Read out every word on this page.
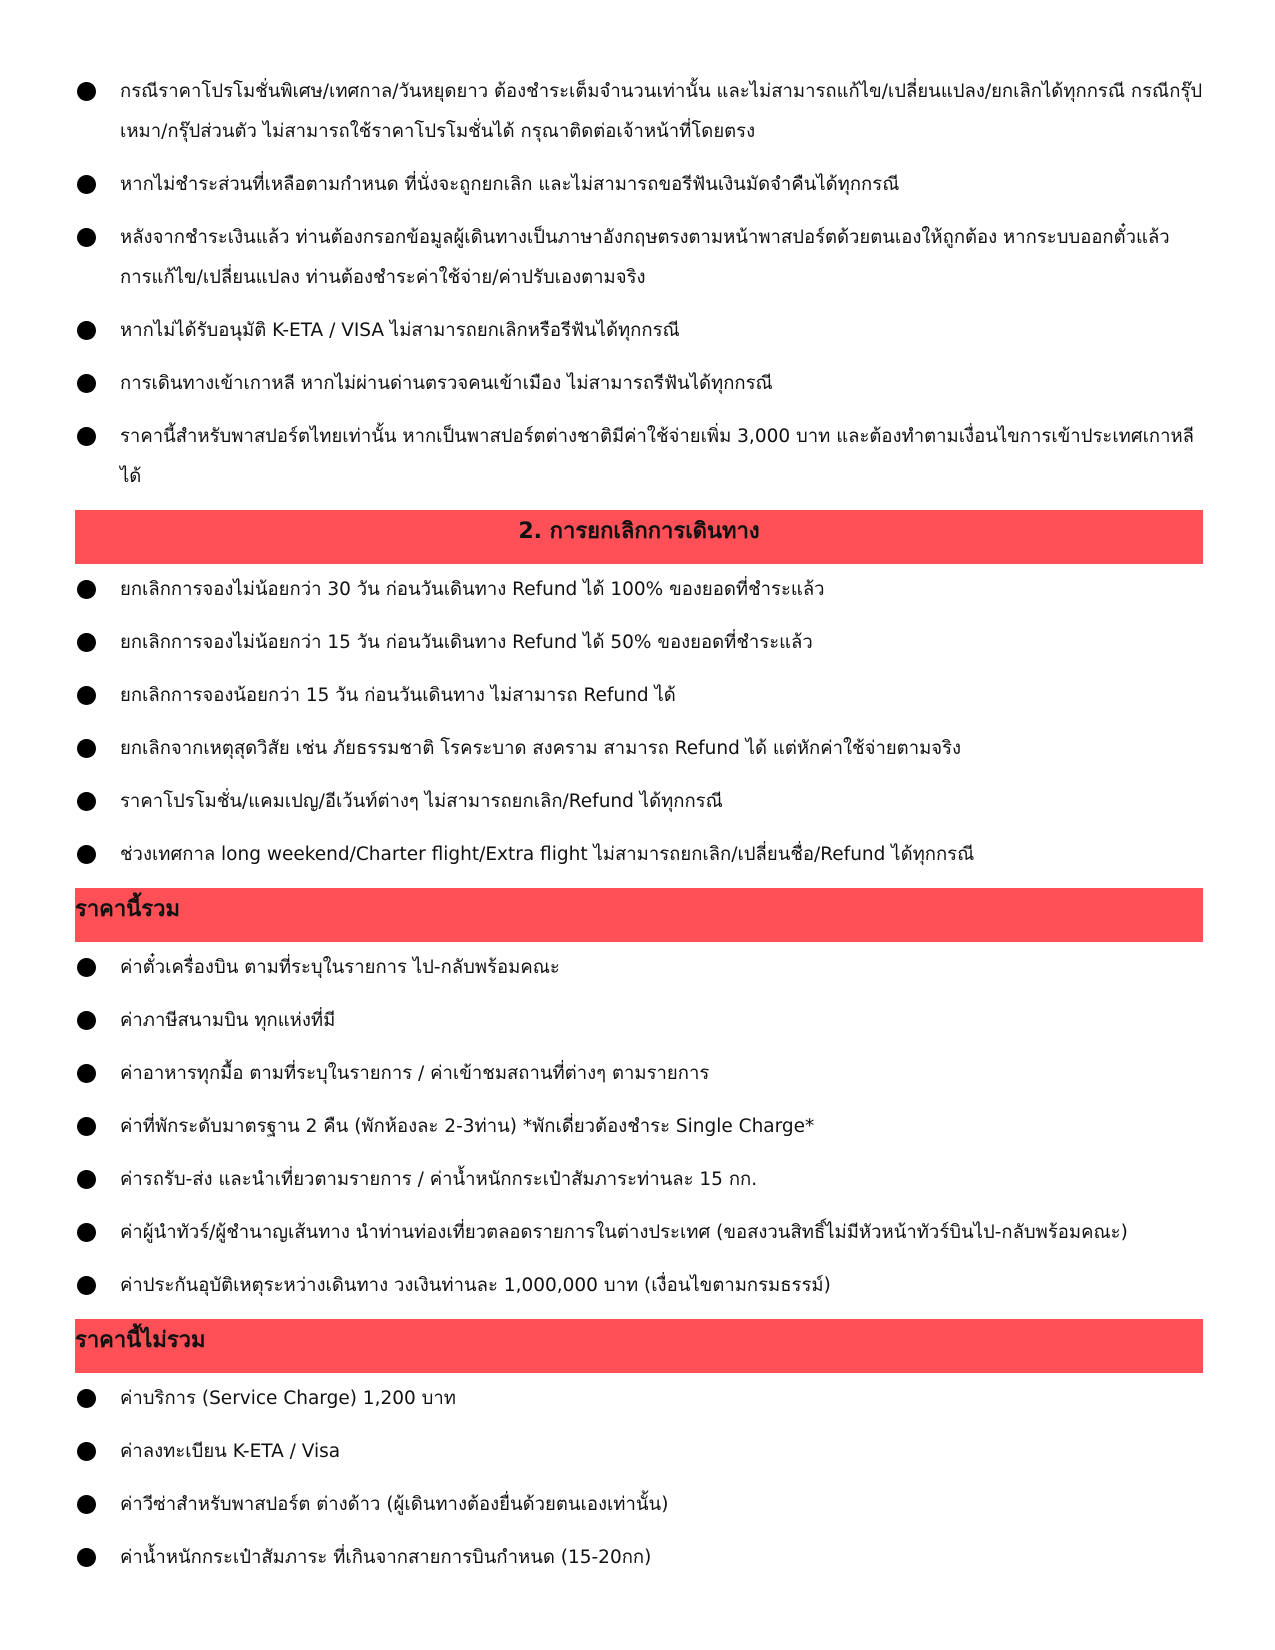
กรณีราคาโปรโมชั่นพิเศษ/เทศกาล/วันหยุดยาว ต้องชำระเต็มจำนวนเท่านั้น และไม่สามารถแก้ไข/เปลี่ยนแปลง/ยกเลิกได้ทุกกรณี กรณีกรุ๊ปเหมา/กรุ๊ปส่วนตัว ไม่สามารถใช้ราคาโปรโมชั่นได้ กรุณาติดต่อเจ้าหน้าที่โดยตรง
หากไม่ชำระส่วนที่เหลือตามกำหนด ที่นั่งจะถูกยกเลิก และไม่สามารถขอรีฟันเงินมัดจำคืนได้ทุกกรณี
หลังจากชำระเงินแล้ว ท่านต้องกรอกข้อมูลผู้เดินทางเป็นภาษาอังกฤษตรงตามหน้าพาสปอร์ตด้วยตนเองให้ถูกต้อง หากระบบออกตั๋วแล้ว การแก้ไข/เปลี่ยนแปลง ท่านต้องชำระค่าใช้จ่าย/ค่าปรับเองตามจริง
หากไม่ได้รับอนุมัติ K-ETA / VISA ไม่สามารถยกเลิกหรือรีฟันได้ทุกกรณี
การเดินทางเข้าเกาหลี หากไม่ผ่านด่านตรวจคนเข้าเมือง ไม่สามารถรีฟันได้ทุกกรณี
ราคานี้สำหรับพาสปอร์ตไทยเท่านั้น หากเป็นพาสปอร์ตต่างชาติมีค่าใช้จ่ายเพิ่ม 3,000 บาท และต้องทำตามเงื่อนไขการเข้าประเทศเกาหลีได้
2. การยกเลิกการเดินทาง
ยกเลิกการจองไม่น้อยกว่า 30 วัน ก่อนวันเดินทาง Refund ได้ 100% ของยอดที่ชำระแล้ว
ยกเลิกการจองไม่น้อยกว่า 15 วัน ก่อนวันเดินทาง Refund ได้ 50% ของยอดที่ชำระแล้ว
ยกเลิกการจองน้อยกว่า 15 วัน ก่อนวันเดินทาง ไม่สามารถ Refund ได้
ยกเลิกจากเหตุสุดวิสัย เช่น ภัยธรรมชาติ โรคระบาด สงคราม สามารถ Refund ได้ แต่หักค่าใช้จ่ายตามจริง
ราคาโปรโมชั่น/แคมเปญ/อีเว้นท์ต่างๆ ไม่สามารถยกเลิก/Refund ได้ทุกกรณี
ช่วงเทศกาล long weekend/Charter flight/Extra flight ไม่สามารถยกเลิก/เปลี่ยนชื่อ/Refund ได้ทุกกรณี
ราคานี้รวม
ค่าตั๋วเครื่องบิน ตามที่ระบุในรายการ ไป-กลับพร้อมคณะ
ค่าภาษีสนามบิน ทุกแห่งที่มี
ค่าอาหารทุกมื้อ ตามที่ระบุในรายการ / ค่าเข้าชมสถานที่ต่างๆ ตามรายการ
ค่าที่พักระดับมาตรฐาน 2 คืน (พักห้องละ 2-3ท่าน) *พักเดี่ยวต้องชำระ Single Charge*
ค่ารถรับ-ส่ง และนำเที่ยวตามรายการ / ค่าน้ำหนักกระเป๋าสัมภาระท่านละ 15 กก.
ค่าผู้นำทัวร์/ผู้ชำนาญเส้นทาง นำท่านท่องเที่ยวตลอดรายการในต่างประเทศ (ขอสงวนสิทธิ์ไม่มีหัวหน้าทัวร์บินไป-กลับพร้อมคณะ)
ค่าประกันอุบัติเหตุระหว่างเดินทาง วงเงินท่านละ 1,000,000 บาท (เงื่อนไขตามกรมธรรม์)
ราคานี้ไม่รวม
ค่าบริการ (Service Charge) 1,200 บาท
ค่าลงทะเบียน K-ETA / Visa
ค่าวีซ่าสำหรับพาสปอร์ต ต่างด้าว (ผู้เดินทางต้องยื่นด้วยตนเองเท่านั้น)
ค่าน้ำหนักกระเป๋าสัมภาระ ที่เกินจากสายการบินกำหนด (15-20กก)
